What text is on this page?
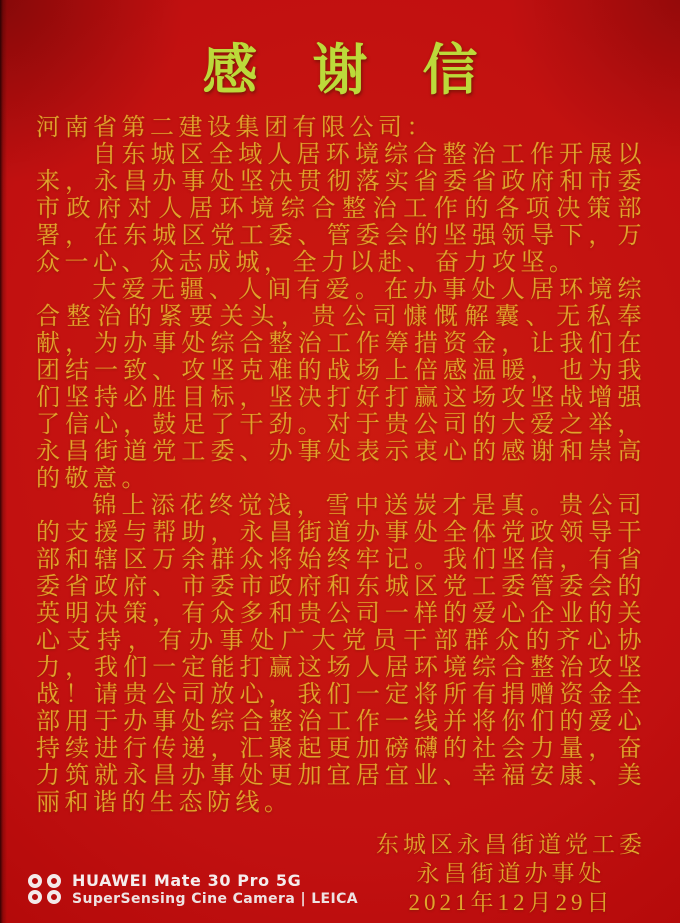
感谢信

河南省第二建设集团有限公司：

自东城区全域人居环境综合整治工作开展以来，永昌办事处坚决贯彻落实省委省政府和市委市政府对人居环境综合整治工作的各项决策部署，在东城区党工委、管委会的坚强领导下，万众一心、众志成城，全力以赴、奋力攻坚。

大爱无疆、人间有爱。在办事处人居环境综合整治的紧要关头，贵公司慷慨解囊、无私奉献，为办事处综合整治工作筹措资金，让我们在团结一致、攻坚克难的战场上倍感温暖，也为我们坚持必胜目标，坚决打好打赢这场攻坚战增强了信心，鼓足了干劲。对于贵公司的大爱之举，永昌街道党工委、办事处表示衷心的感谢和崇高的敬意。

锦上添花终觉浅，雪中送炭才是真。贵公司的支援与帮助，永昌街道办事处全体党政领导干部和辖区万余群众将始终牢记。我们坚信，有省委省政府、市委市政府和东城区党工委管委会的英明决策，有众多和贵公司一样的爱心企业的关心支持，有办事处广大党员干部群众的齐心协力，我们一定能打赢这场人居环境综合整治攻坚战！请贵公司放心，我们一定将所有捐赠资金全部用于办事处综合整治工作一线并将你们的爱心持续进行传递，汇聚起更加磅礴的社会力量，奋力筑就永昌办事处更加宜居宜业、幸福安康、美丽和谐的生态防线。

东城区永昌街道党工委
永昌街道办事处
2021年12月29日
HUAWEI Mate 30 Pro 5G
SuperSensing Cine Camera | LEICA
